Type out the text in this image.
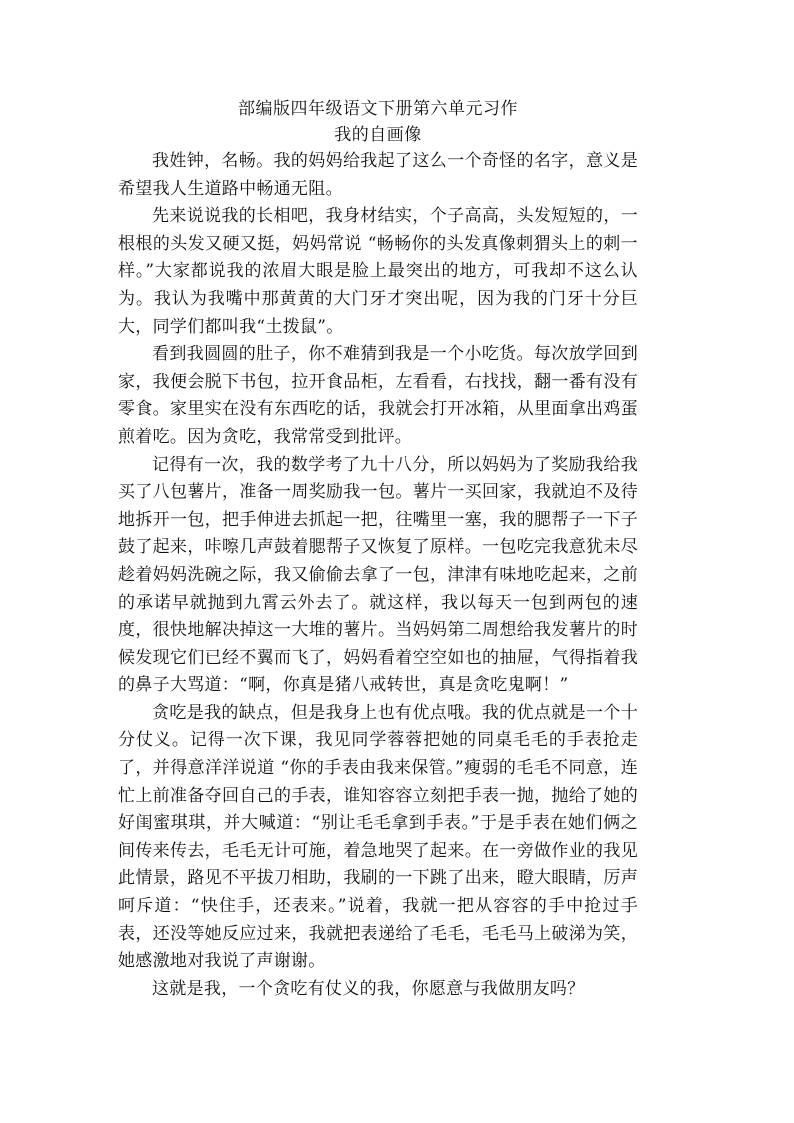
部编版四年级语文下册第六单元习作
我的自画像

我姓钟，名畅。我的妈妈给我起了这么一个奇怪的名字，意义是希望我人生道路中畅通无阻。

先来说说我的长相吧，我身材结实，个子高高，头发短短的，一根根的头发又硬又挺，妈妈常说 “畅畅你的头发真像刺猬头上的刺一样。”大家都说我的浓眉大眼是脸上最突出的地方，可我却不这么认为。我认为我嘴中那黄黄的大门牙才突出呢，因为我的门牙十分巨大，同学们都叫我“土拨鼠”。

看到我圆圆的肚子，你不难猜到我是一个小吃货。每次放学回到家，我便会脱下书包，拉开食品柜，左看看，右找找，翻一番有没有零食。家里实在没有东西吃的话，我就会打开冰箱，从里面拿出鸡蛋煎着吃。因为贪吃，我常常受到批评。

记得有一次，我的数学考了九十八分，所以妈妈为了奖励我给我买了八包薯片，准备一周奖励我一包。薯片一买回家，我就迫不及待地拆开一包，把手伸进去抓起一把，往嘴里一塞，我的腮帮子一下子鼓了起来，咔嚓几声鼓着腮帮子又恢复了原样。一包吃完我意犹未尽趁着妈妈洗碗之际，我又偷偷去拿了一包，津津有味地吃起来，之前的承诺早就抛到九霄云外去了。就这样，我以每天一包到两包的速度，很快地解决掉这一大堆的薯片。当妈妈第二周想给我发薯片的时候发现它们已经不翼而飞了，妈妈看着空空如也的抽屉，气得指着我的鼻子大骂道：“啊，你真是猪八戒转世，真是贪吃鬼啊！”

贪吃是我的缺点，但是我身上也有优点哦。我的优点就是一个十分仗义。记得一次下课，我见同学蓉蓉把她的同桌毛毛的手表抢走了，并得意洋洋说道 “你的手表由我来保管。”瘦弱的毛毛不同意，连忙上前准备夺回自己的手表，谁知容容立刻把手表一抛，抛给了她的好闺蜜琪琪，并大喊道：“别让毛毛拿到手表。”于是手表在她们俩之间传来传去，毛毛无计可施，着急地哭了起来。在一旁做作业的我见此情景，路见不平拔刀相助，我刷的一下跳了出来，瞪大眼睛，厉声呵斥道：“快住手，还表来。”说着，我就一把从容容的手中抢过手表，还没等她反应过来，我就把表递给了毛毛，毛毛马上破涕为笑，她感激地对我说了声谢谢。

这就是我，一个贪吃有仗义的我，你愿意与我做朋友吗？
